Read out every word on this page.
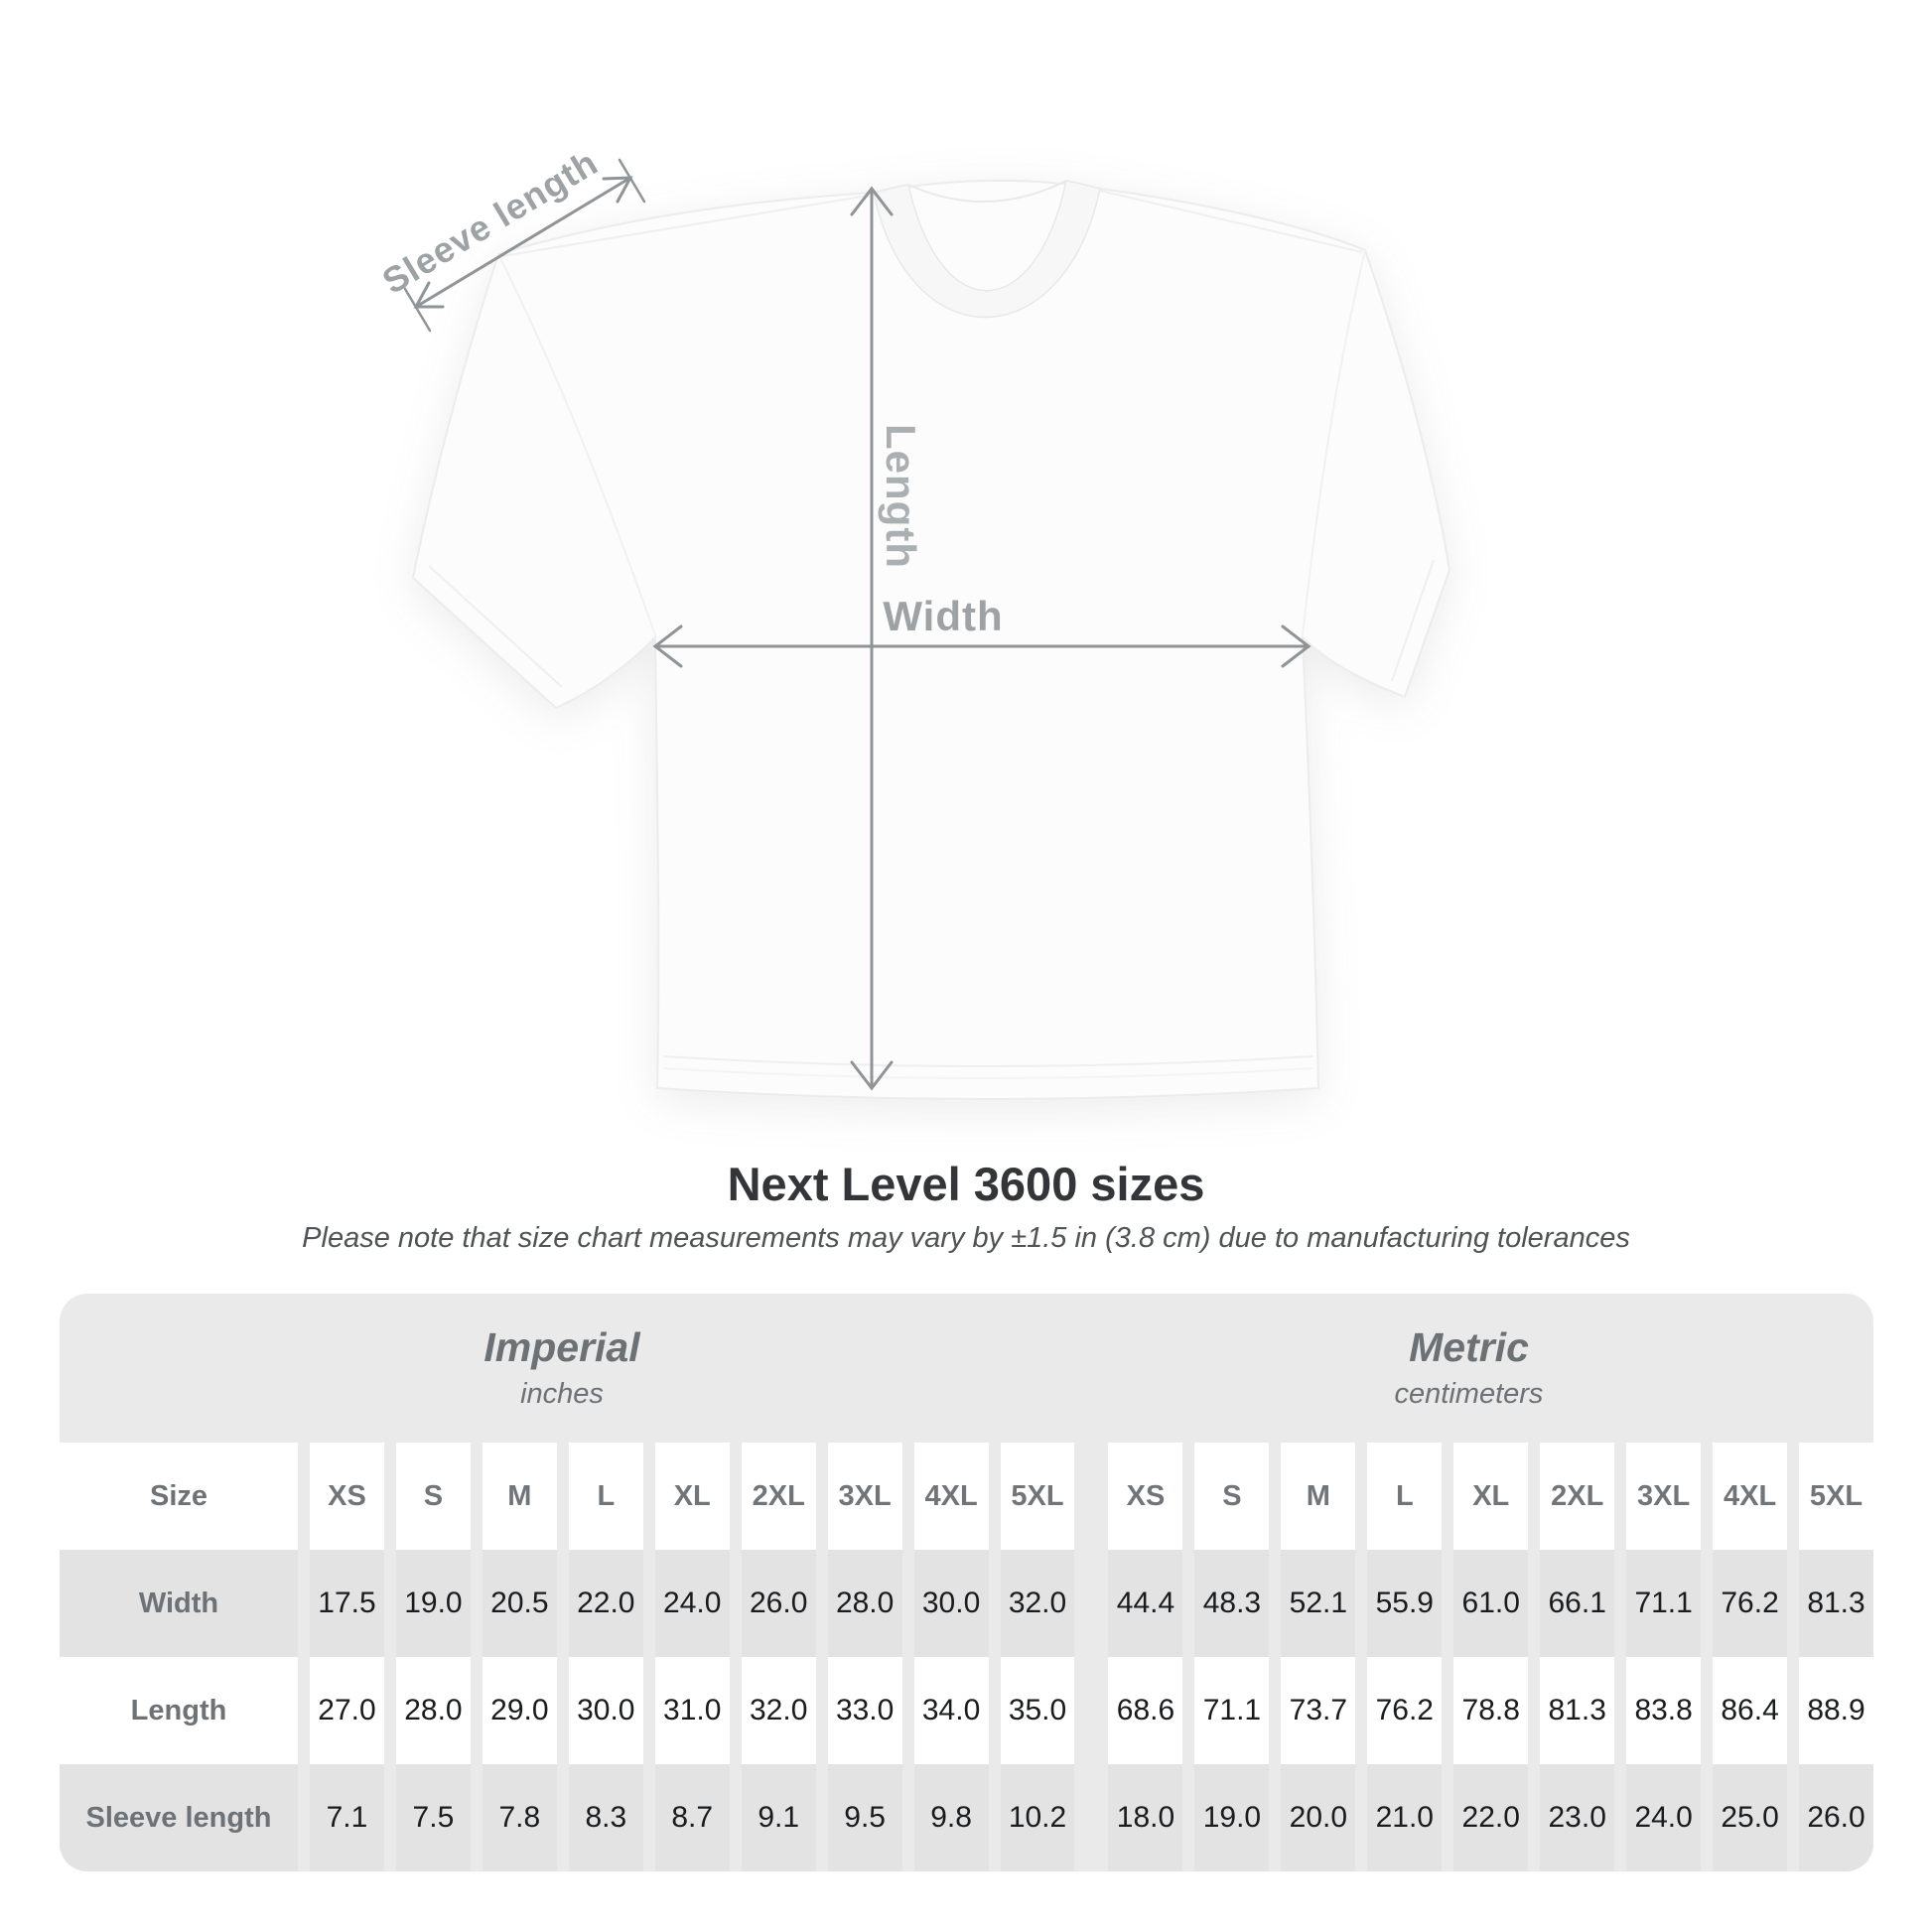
Sleeve length
Length
Width
Next Level 3600 sizes

Please note that size chart measurements may vary by ±1.5 in (3.8 cm) due to manufacturing tolerances

Imperial
inches
Metric
centimeters
Size	XS	S	M	L	XL	2XL	3XL	4XL	5XL	XS	S	M	L	XL	2XL	3XL	4XL	5XL
Width	17.5 19.0 20.5 22.0 24.0 26.0 28.0 30.0 32.0 44.4 48.3 52.1 55.9 61.0 66.1 71.1 76.2 81.3
Length	27.0 28.0 29.0 30.0 31.0 32.0 33.0 34.0 35.0 68.6 71.1 73.7 76.2 78.8 81.3 83.8 86.4 88.9
Sleeve length	7.1	7.5	7.8	8.3	8.7	9.1	9.5	9.8	10.2 18.0 19.0 20.0 21.0 22.0 23.0 24.0 25.0 26.0
